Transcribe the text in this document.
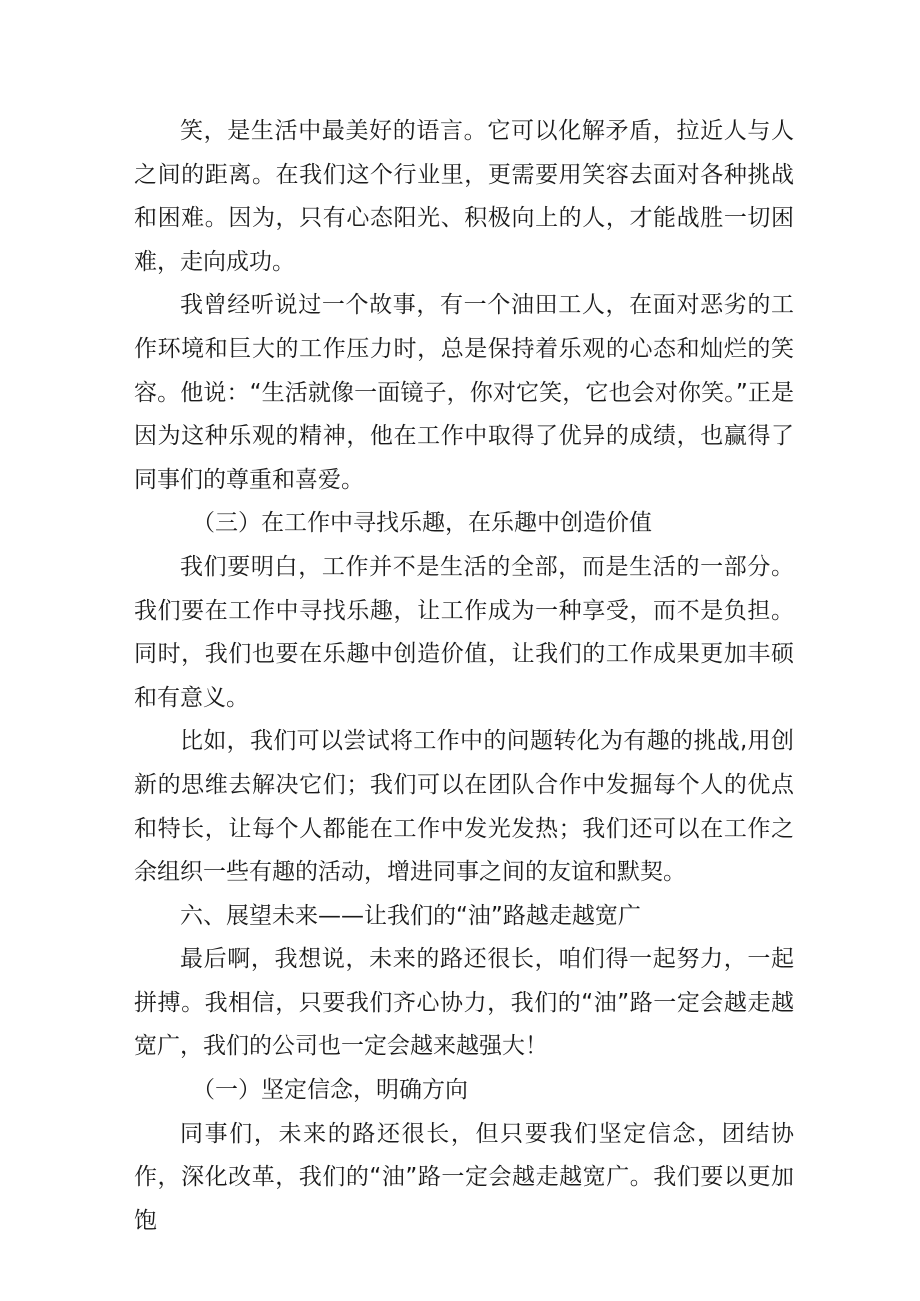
笑，是生活中最美好的语言。它可以化解矛盾，拉近人与人之间的距离。在我们这个行业里，更需要用笑容去面对各种挑战和困难。因为，只有心态阳光、积极向上的人，才能战胜一切困难，走向成功。

我曾经听说过一个故事，有一个油田工人，在面对恶劣的工作环境和巨大的工作压力时，总是保持着乐观的心态和灿烂的笑容。他说：“生活就像一面镜子，你对它笑，它也会对你笑。”正是因为这种乐观的精神，他在工作中取得了优异的成绩，也赢得了同事们的尊重和喜爱。

（三）在工作中寻找乐趣，在乐趣中创造价值

我们要明白，工作并不是生活的全部，而是生活的一部分。我们要在工作中寻找乐趣，让工作成为一种享受，而不是负担。同时，我们也要在乐趣中创造价值，让我们的工作成果更加丰硕和有意义。

比如，我们可以尝试将工作中的问题转化为有趣的挑战,用创新的思维去解决它们；我们可以在团队合作中发掘每个人的优点和特长，让每个人都能在工作中发光发热；我们还可以在工作之余组织一些有趣的活动，增进同事之间的友谊和默契。

六、展望未来——让我们的“油”路越走越宽广

最后啊，我想说，未来的路还很长，咱们得一起努力，一起拼搏。我相信，只要我们齐心协力，我们的“油”路一定会越走越宽广，我们的公司也一定会越来越强大！

（一）坚定信念，明确方向

同事们，未来的路还很长，但只要我们坚定信念，团结协作，深化改革，我们的“油”路一定会越走越宽广。我们要以更加饱
